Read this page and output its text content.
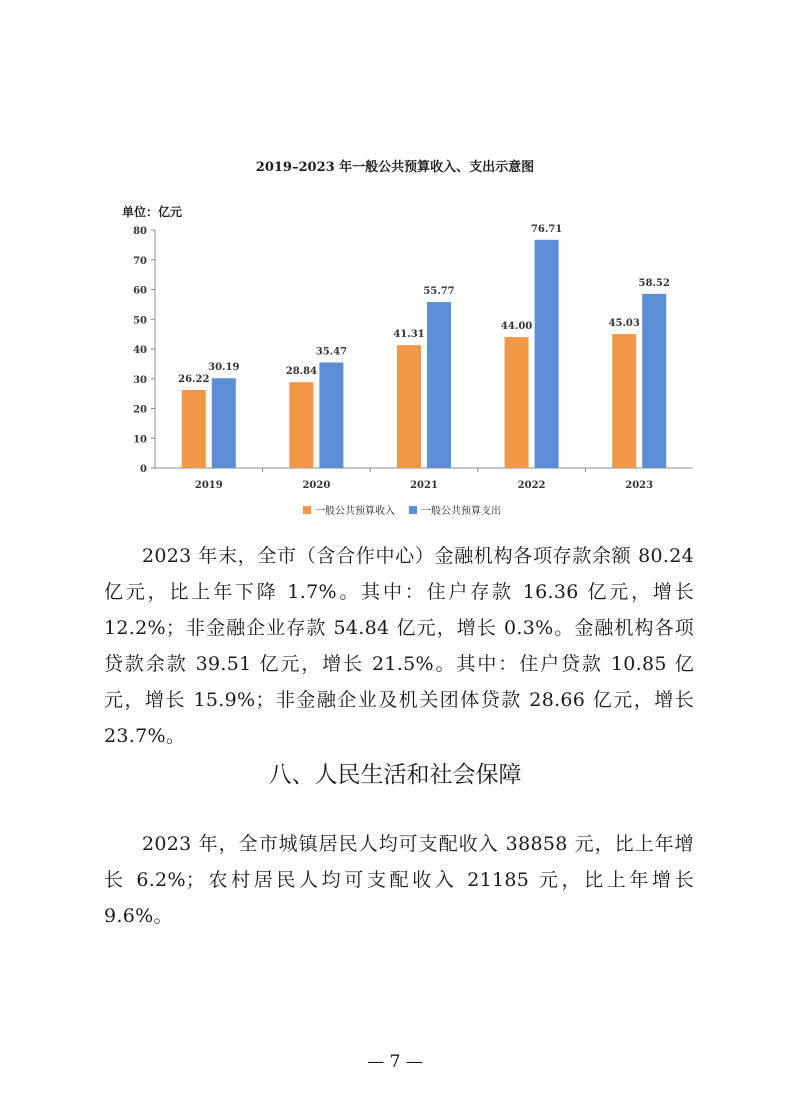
2019–2023 年一般公共预算收入、支出示意图
单位：亿元
0
10
20
30
40
50
60
70
80
2019
26.22
30.19
2020
28.84
35.47
2021
41.31
55.77
2022
44.00
76.71
2023
45.03
58.52
一般公共预算收入	一般公共预算支出

2023 年末，全市（含合作中心）金融机构各项存款余额 80.24 亿元，比上年下降 1.7%。其中：住户存款 16.36 亿元，增长 12.2%；非金融企业存款 54.84 亿元，增长 0.3%。金融机构各项贷款余款 39.51 亿元，增长 21.5%。其中：住户贷款 10.85 亿元，增长 15.9%；非金融企业及机关团体贷款 28.66 亿元，增长 23.7%。

八、人民生活和社会保障

2023 年，全市城镇居民人均可支配收入 38858 元，比上年增长 6.2%；农村居民人均可支配收入 21185 元，比上年增长 9.6%。

— 7 —
